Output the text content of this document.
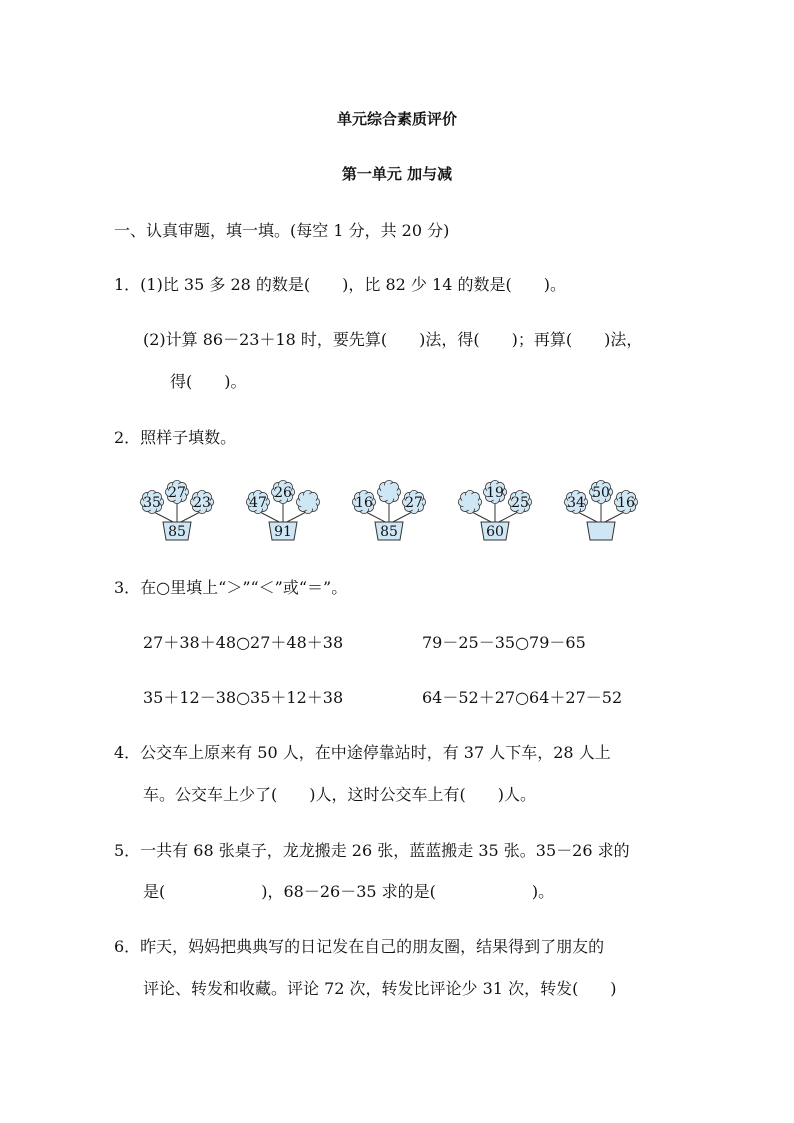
单元综合素质评价
第一单元 加与减
一、认真审题，填一填。(每空 1 分，共 20 分)
1．(1)比 35 多 28 的数是(　　)，比 82 少 14 的数是(　　)。
(2)计算 86－23＋18 时，要先算(　　)法，得(　　)；再算(　　)法，
得(　　)。
2．照样子填数。
35
27
23
85
47
26
91
16 27
85
19
25
60
34
50
16
3．在○里填上“＞”“＜”或“＝”。
27＋38＋48○27＋48＋38	79－25－35○79－65
35＋12－38○35＋12＋38	64－52＋27○64＋27－52
4．公交车上原来有 50 人，在中途停靠站时，有 37 人下车，28 人上
车。公交车上少了(　　)人，这时公交车上有(　　)人。
5．一共有 68 张桌子，龙龙搬走 26 张，蓝蓝搬走 35 张。35－26 求的
是(　　　　　　)，68－26－35 求的是(　　　　　　)。
6．昨天，妈妈把典典写的日记发在自己的朋友圈，结果得到了朋友的
评论、转发和收藏。评论 72 次，转发比评论少 31 次，转发(　　)
